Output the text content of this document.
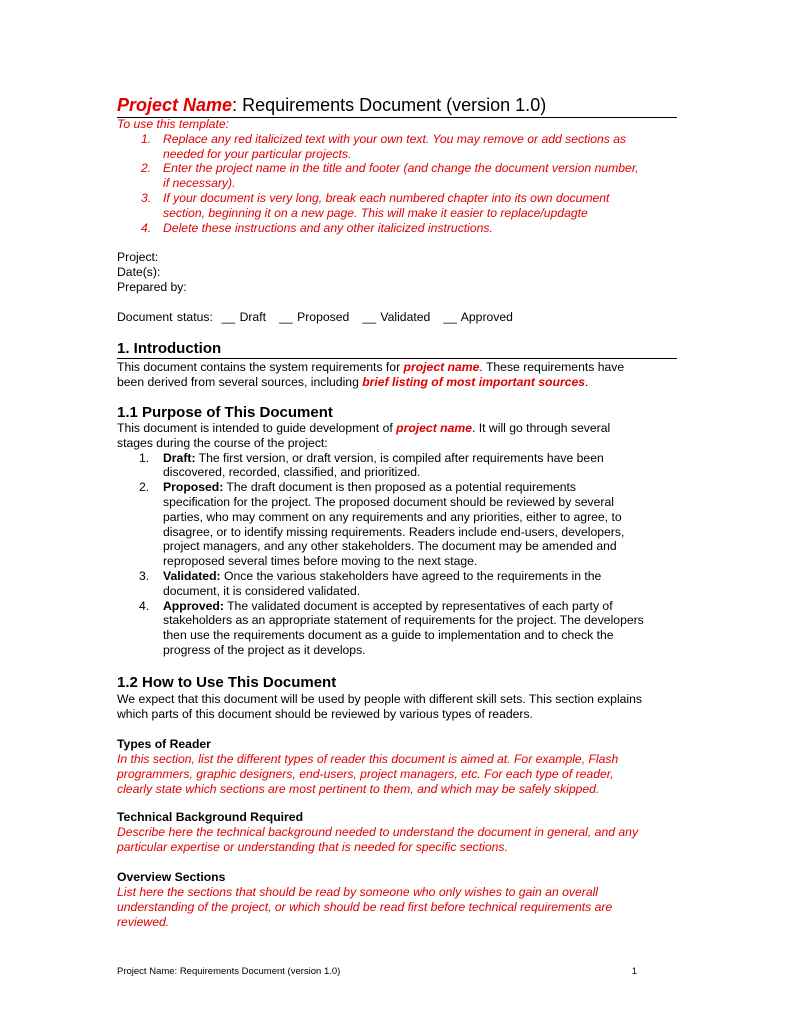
Project Name: Requirements Document (version 1.0)

To use this template:

1. Replace any red italicized text with your own text. You may remove or add sections as
needed for your particular projects.
2. Enter the project name in the title and footer (and change the document version number,
if necessary).
3. If your document is very long, break each numbered chapter into its own document
section, beginning it on a new page. This will make it easier to replace/updagte
4. Delete these instructions and any other italicized instructions.

Project:

Date(s):

Prepared by:

Document status: __ Draft __ Proposed __ Validated __ Approved
1. Introduction

This document contains the system requirements for project name. These requirements have

been derived from several sources, including brief listing of most important sources.

1.1 Purpose of This Document

This document is intended to guide development of project name. It will go through several

stages during the course of the project:

1. Draft: The first version, or draft version, is compiled after requirements have been
discovered, recorded, classified, and prioritized.
2. Proposed: The draft document is then proposed as a potential requirements
specification for the project. The proposed document should be reviewed by several
parties, who may comment on any requirements and any priorities, either to agree, to
disagree, or to identify missing requirements. Readers include end-users, developers,
project managers, and any other stakeholders. The document may be amended and
reproposed several times before moving to the next stage.
3. Validated: Once the various stakeholders have agreed to the requirements in the
document, it is considered validated.
4. Approved: The validated document is accepted by representatives of each party of
stakeholders as an appropriate statement of requirements for the project. The developers
then use the requirements document as a guide to implementation and to check the
progress of the project as it develops.
1.2 How to Use This Document

We expect that this document will be used by people with different skill sets. This section explains

which parts of this document should be reviewed by various types of readers.

Types of Reader

In this section, list the different types of reader this document is aimed at. For example, Flash

programmers, graphic designers, end-users, project managers, etc. For each type of reader,

clearly state which sections are most pertinent to them, and which may be safely skipped.

Technical Background Required

Describe here the technical background needed to understand the document in general, and any

particular expertise or understanding that is needed for specific sections.

Overview Sections

List here the sections that should be read by someone who only wishes to gain an overall

understanding of the project, or which should be read first before technical requirements are

reviewed.

Project Name: Requirements Document (version 1.0)	1
